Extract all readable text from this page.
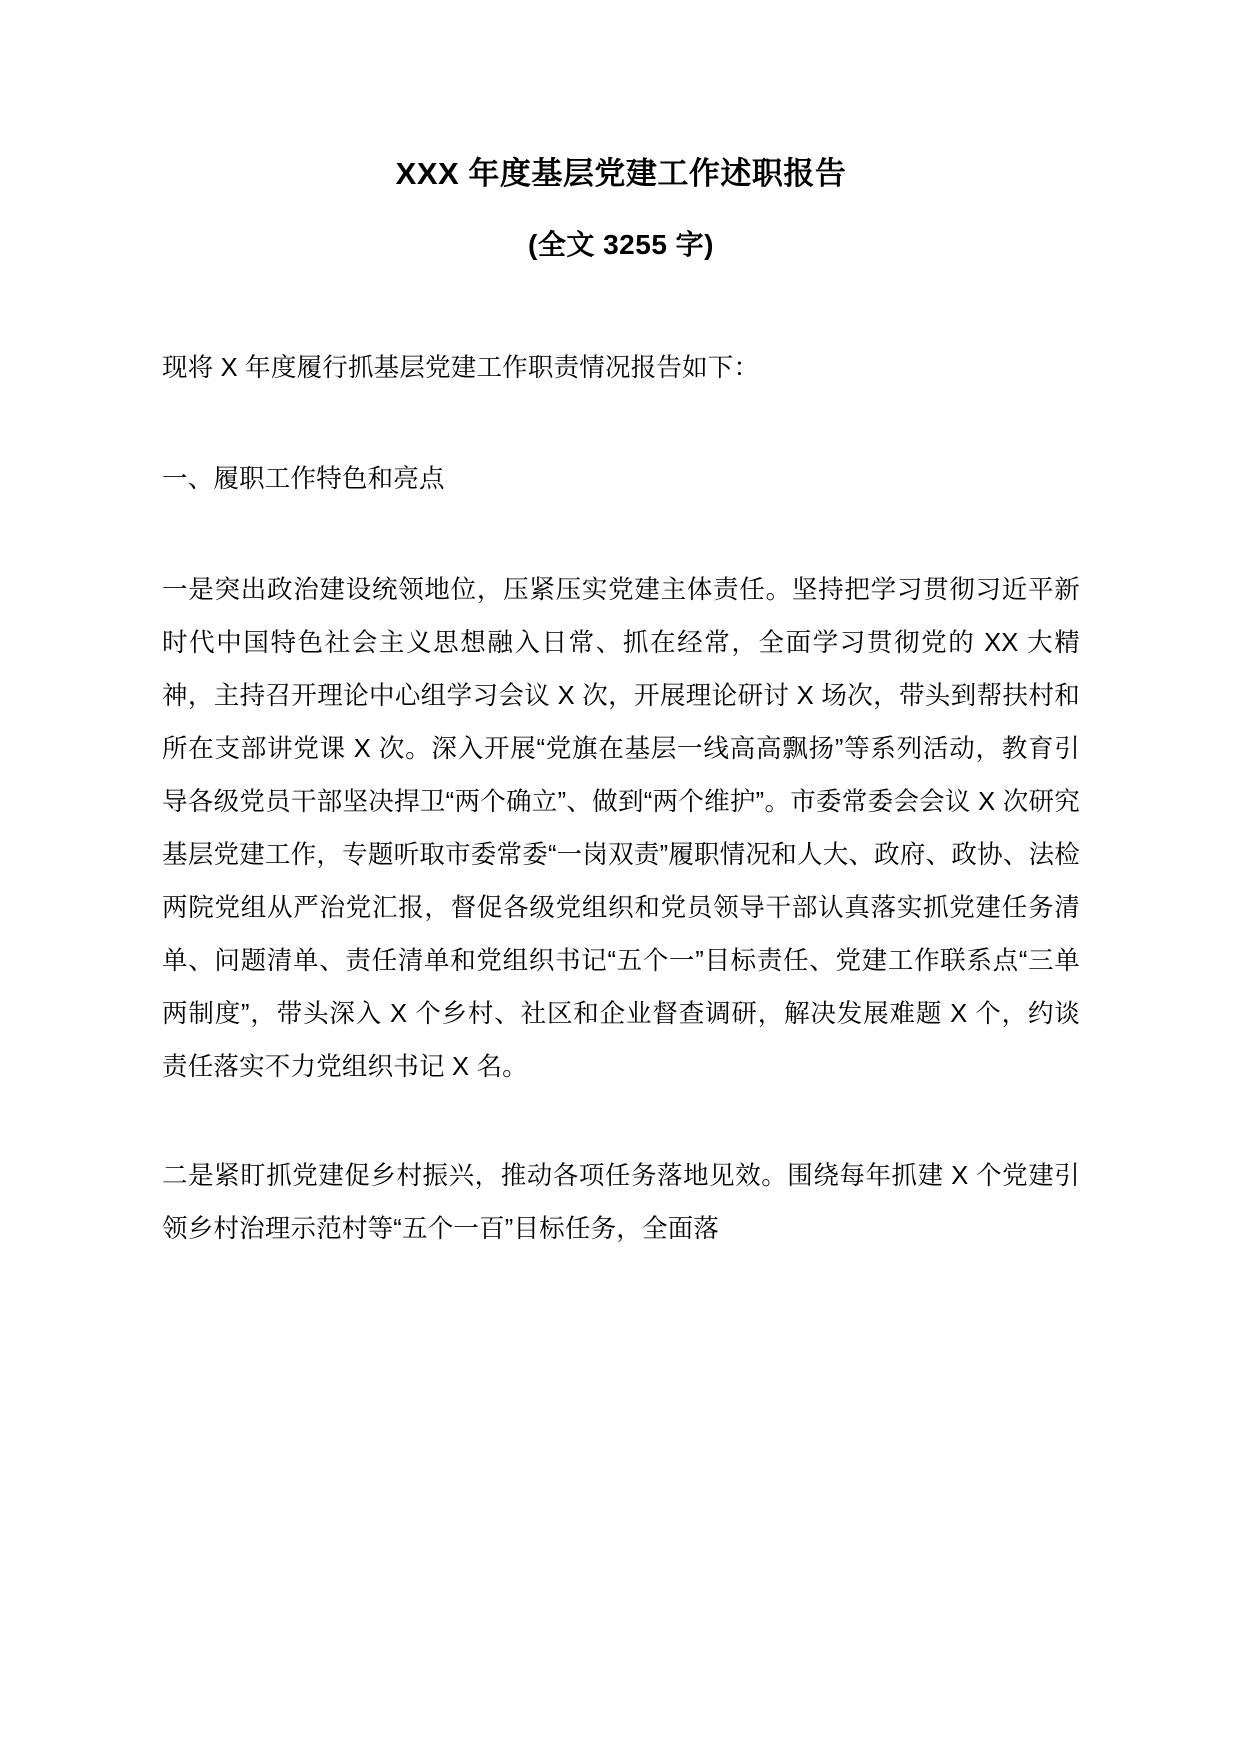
XXX 年度基层党建工作述职报告
(全文 3255 字)

现将 X 年度履行抓基层党建工作职责情况报告如下：

一、履职工作特色和亮点

一是突出政治建设统领地位，压紧压实党建主体责任。坚持把学习贯彻习近平新时代中国特色社会主义思想融入日常、抓在经常，全面学习贯彻党的 XX 大精神，主持召开理论中心组学习会议 X 次，开展理论研讨 X 场次，带头到帮扶村和所在支部讲党课 X 次。深入开展“党旗在基层一线高高飘扬”等系列活动，教育引导各级党员干部坚决捍卫“两个确立”、做到“两个维护”。市委常委会会议 X 次研究基层党建工作，专题听取市委常委“一岗双责”履职情况和人大、政府、政协、法检两院党组从严治党汇报，督促各级党组织和党员领导干部认真落实抓党建任务清单、问题清单、责任清单和党组织书记“五个一”目标责任、党建工作联系点“三单两制度”，带头深入 X 个乡村、社区和企业督查调研，解决发展难题 X 个，约谈责任落实不力党组织书记 X 名。

二是紧盯抓党建促乡村振兴，推动各项任务落地见效。围绕每年抓建 X 个党建引领乡村治理示范村等“五个一百”目标任务，全面落
